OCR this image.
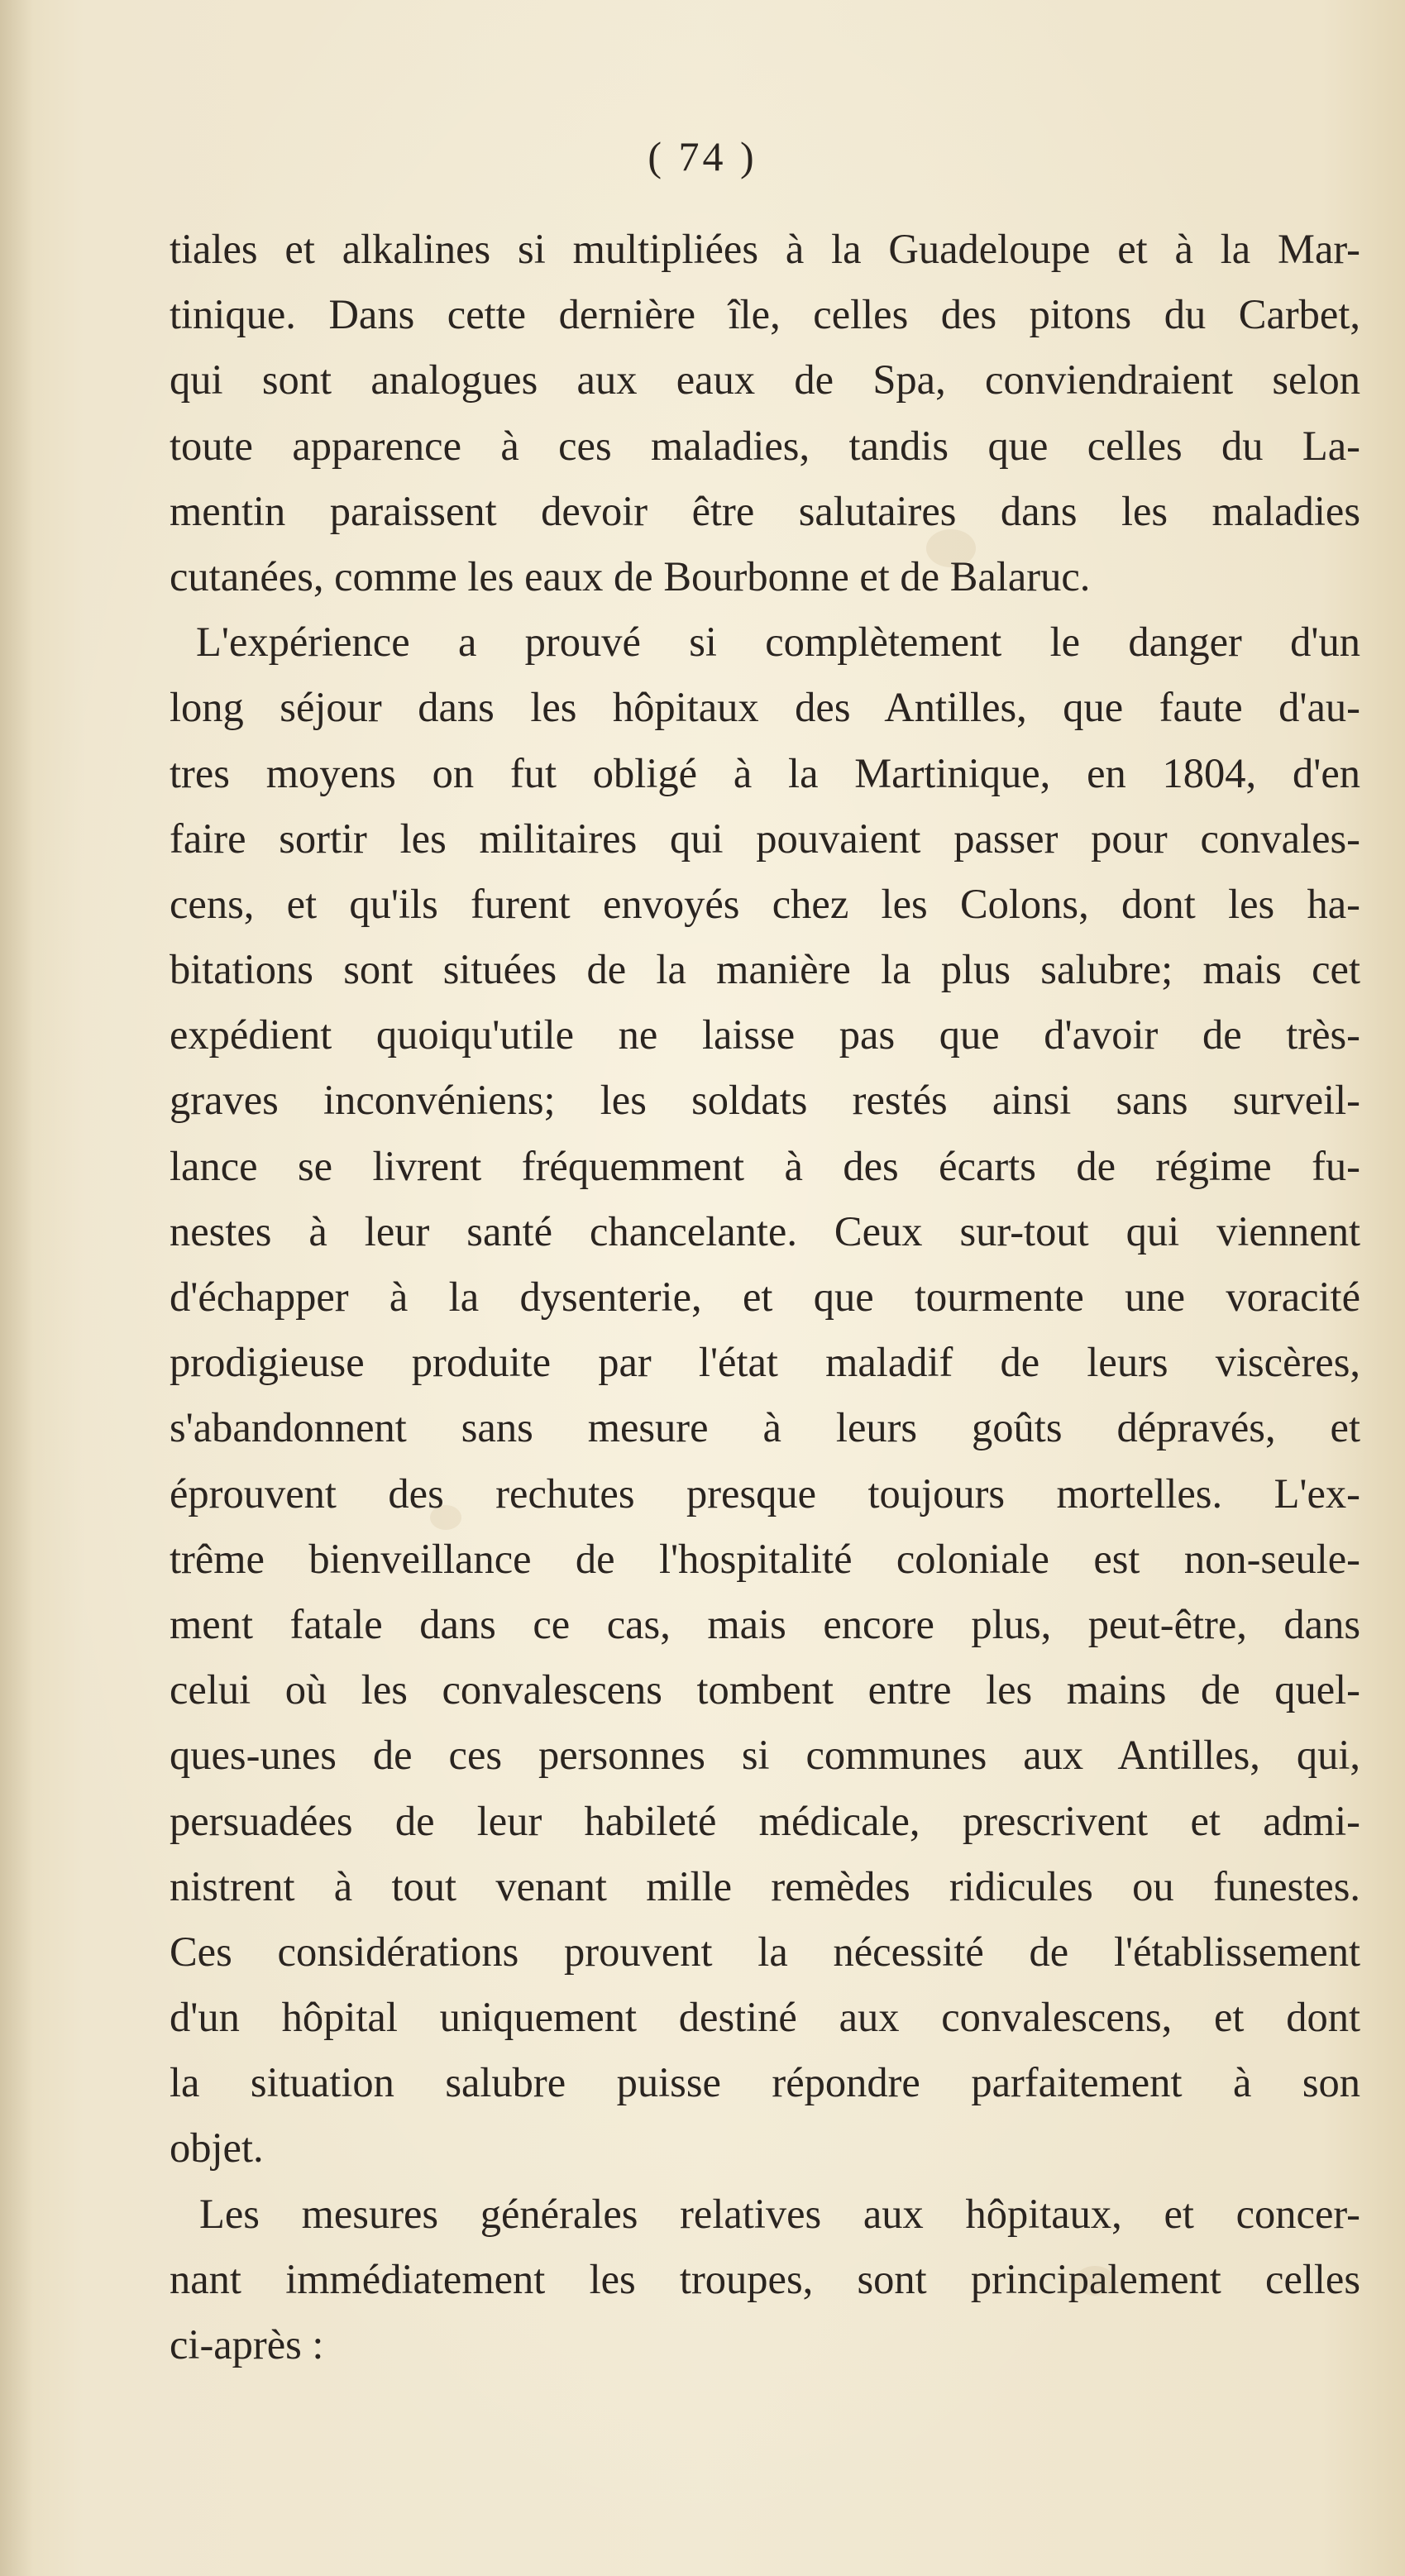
( 74 )
tiales et alkalines si multipliées à la Guadeloupe et à la Mar-
tinique. Dans cette dernière île, celles des pitons du Carbet,
qui sont analogues aux eaux de Spa, conviendraient selon
toute apparence à ces maladies, tandis que celles du La-
mentin paraissent devoir être salutaires dans les maladies
cutanées, comme les eaux de Bourbonne et de Balaruc.
L'expérience a prouvé si complètement le danger d'un
long séjour dans les hôpitaux des Antilles, que faute d'au-
tres moyens on fut obligé à la Martinique, en 1804, d'en
faire sortir les militaires qui pouvaient passer pour convales-
cens, et qu'ils furent envoyés chez les Colons, dont les ha-
bitations sont situées de la manière la plus salubre; mais cet
expédient quoiqu'utile ne laisse pas que d'avoir de très-
graves inconvéniens; les soldats restés ainsi sans surveil-
lance se livrent fréquemment à des écarts de régime fu-
nestes à leur santé chancelante. Ceux sur-tout qui viennent
d'échapper à la dysenterie, et que tourmente une voracité
prodigieuse produite par l'état maladif de leurs viscères,
s'abandonnent sans mesure à leurs goûts dépravés, et
éprouvent des rechutes presque toujours mortelles. L'ex-
trême bienveillance de l'hospitalité coloniale est non-seule-
ment fatale dans ce cas, mais encore plus, peut-être, dans
celui où les convalescens tombent entre les mains de quel-
ques-unes de ces personnes si communes aux Antilles, qui,
persuadées de leur habileté médicale, prescrivent et admi-
nistrent à tout venant mille remèdes ridicules ou funestes.
Ces considérations prouvent la nécessité de l'établissement
d'un hôpital uniquement destiné aux convalescens, et dont
la situation salubre puisse répondre parfaitement à son
objet.
Les mesures générales relatives aux hôpitaux, et concer-
nant immédiatement les troupes, sont principalement celles
ci-après :
